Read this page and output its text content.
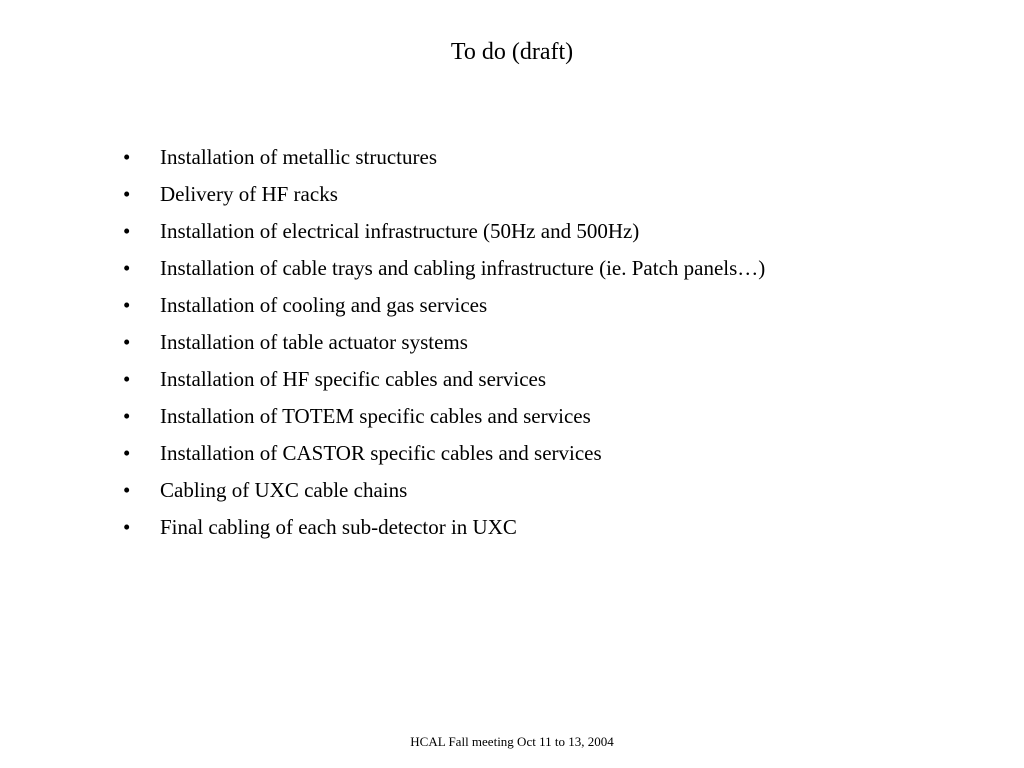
To do (draft)
• Installation of metallic structures
• Delivery of HF racks
• Installation of electrical infrastructure (50Hz and 500Hz)
• Installation of cable trays and cabling infrastructure (ie. Patch panels…)
• Installation of cooling and gas services
• Installation of table actuator systems
• Installation of HF specific cables and services
• Installation of TOTEM specific cables and services
• Installation of CASTOR specific cables and services
• Cabling of UXC cable chains
• Final cabling of each sub-detector in UXC
HCAL Fall meeting Oct 11 to 13, 2004
